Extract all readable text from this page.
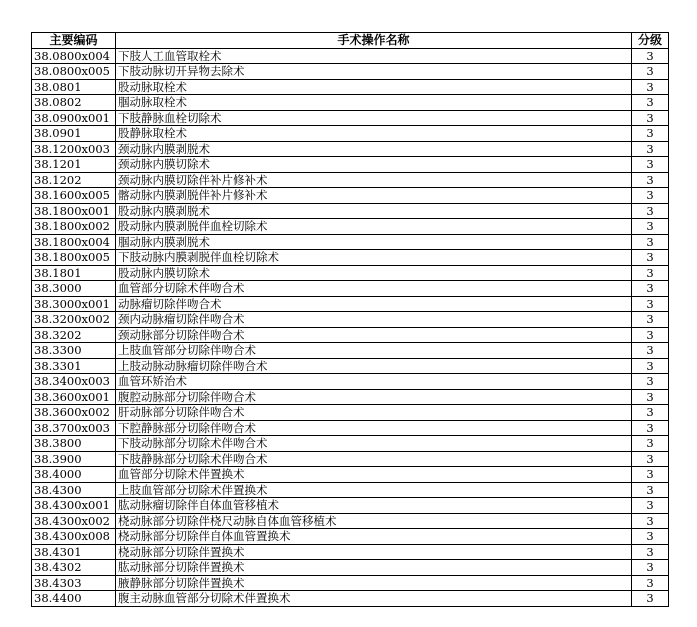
主要编码	手术操作名称	分级
38.0800x004	下肢人工血管取栓术	3
38.0800x005	下肢动脉切开异物去除术	3
38.0801	股动脉取栓术	3
38.0802	腘动脉取栓术	3
38.0900x001	下肢静脉血栓切除术	3
38.0901	股静脉取栓术	3
38.1200x003	颈动脉内膜剥脱术	3
38.1201	颈动脉内膜切除术	3
38.1202	颈动脉内膜切除伴补片修补术	3
38.1600x005	髂动脉内膜剥脱伴补片修补术	3
38.1800x001	股动脉内膜剥脱术	3
38.1800x002	股动脉内膜剥脱伴血栓切除术	3
38.1800x004	腘动脉内膜剥脱术	3
38.1800x005	下肢动脉内膜剥脱伴血栓切除术	3
38.1801	股动脉内膜切除术	3
38.3000	血管部分切除术伴吻合术	3
38.3000x001	动脉瘤切除伴吻合术	3
38.3200x002	颈内动脉瘤切除伴吻合术	3
38.3202	颈动脉部分切除伴吻合术	3
38.3300	上肢血管部分切除伴吻合术	3
38.3301	上肢动脉动脉瘤切除伴吻合术	3
38.3400x003	血管环矫治术	3
38.3600x001	腹腔动脉部分切除伴吻合术	3
38.3600x002	肝动脉部分切除伴吻合术	3
38.3700x003	下腔静脉部分切除伴吻合术	3
38.3800	下肢动脉部分切除术伴吻合术	3
38.3900	下肢静脉部分切除术伴吻合术	3
38.4000	血管部分切除术伴置换术	3
38.4300	上肢血管部分切除术伴置换术	3
38.4300x001	肱动脉瘤切除伴自体血管移植术	3
38.4300x002	桡动脉部分切除伴桡尺动脉自体血管移植术	3
38.4300x008	桡动脉部分切除伴自体血管置换术	3
38.4301	桡动脉部分切除伴置换术	3
38.4302	肱动脉部分切除伴置换术	3
38.4303	腋静脉部分切除伴置换术	3
38.4400	腹主动脉血管部分切除术伴置换术	3
